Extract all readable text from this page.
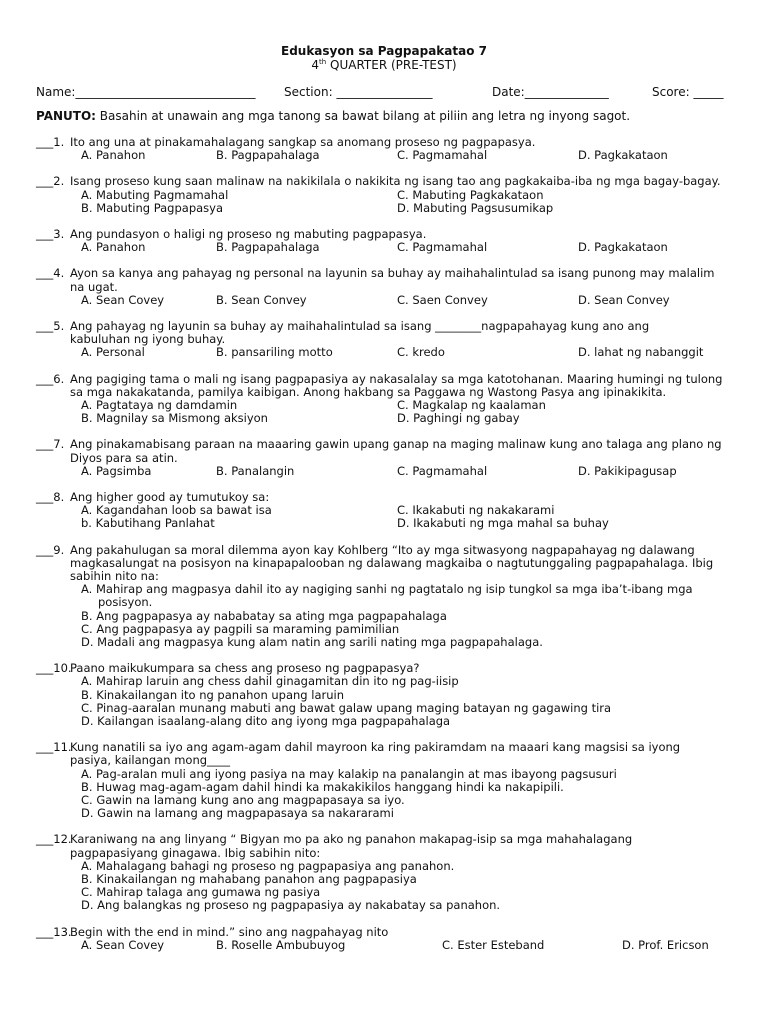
Edukasyon sa Pagpapakatao 7
4th QUARTER (PRE-TEST)

Name:______________________________

Section: ________________

	Date:______________

	Score: _____

PANUTO: Basahin at unawain ang mga tanong sa bawat bilang at piliin ang letra ng inyong sagot.
___1. Ito ang una at pinakamahalagang sangkap sa anomang proseso ng pagpapasya.
A. Panahon	B. Pagpapahalaga	C. Pagmamahal	D. Pagkakataon
___2. Isang proseso kung saan malinaw na nakikilala o nakikita ng isang tao ang pagkakaiba-iba ng mga bagay-bagay.
A. Mabuting Pagmamahal	C. Mabuting Pagkakataon
B. Mabuting Pagpapasya	D. Mabuting Pagsusumikap
___3. Ang pundasyon o haligi ng proseso ng mabuting pagpapasya.
A. Panahon	B. Pagpapahalaga	C. Pagmamahal	D. Pagkakataon
___4. Ayon sa kanya ang pahayag ng personal na layunin sa buhay ay maihahalintulad sa isang punong may malalim
na ugat.
A. Sean Covey	B. Sean Convey	C. Saen Convey	D. Sean Convey
___5. Ang pahayag ng layunin sa buhay ay maihahalintulad sa isang ________nagpapahayag kung ano ang
kabuluhan ng iyong buhay.
A. Personal	B. pansariling motto	C. kredo	D. lahat ng nabanggit
___6. Ang pagiging tama o mali ng isang pagpapasiya ay nakasalalay sa mga katotohanan. Maaring humingi ng tulong
sa mga nakakatanda, pamilya kaibigan. Anong hakbang sa Paggawa ng Wastong Pasya ang ipinakikita.
A. Pagtataya ng damdamin	C. Magkalap ng kaalaman
B. Magnilay sa Mismong aksiyon	D. Paghingi ng gabay
___7. Ang pinakamabisang paraan na maaaring gawin upang ganap na maging malinaw kung ano talaga ang plano ng
Diyos para sa atin.
A. Pagsimba	B. Panalangin	C. Pagmamahal	D. Pakikipagusap
___8. Ang higher good ay tumutukoy sa:
A. Kagandahan loob sa bawat isa	C. Ikakabuti ng nakakarami
b. Kabutihang Panlahat	D. Ikakabuti ng mga mahal sa buhay
___9. Ang pakahulugan sa moral dilemma ayon kay Kohlberg “Ito ay mga sitwasyong nagpapahayag ng dalawang
magkasalungat na posisyon na kinapapalooban ng dalawang magkaiba o nagtutunggaling pagpapahalaga. Ibig
sabihin nito na:
A. Mahirap ang magpasya dahil ito ay nagiging sanhi ng pagtatalo ng isip tungkol sa mga iba’t-ibang mga
posisyon.
B. Ang pagpapasya ay nababatay sa ating mga pagpapahalaga
C. Ang pagpapasya ay pagpili sa maraming pamimilian
D. Madali ang magpasya kung alam natin ang sarili nating mga pagpapahalaga.
___10.
Paano maikukumpara sa chess ang proseso ng pagpapasya?
A. Mahirap laruin ang chess dahil ginagamitan din ito ng pag-iisip
B. Kinakailangan ito ng panahon upang laruin
C. Pinag-aaralan munang mabuti ang bawat galaw upang maging batayan ng gagawing tira
D. Kailangan isaalang-alang dito ang iyong mga pagpapahalaga
___11.
Kung nanatili sa iyo ang agam-agam dahil mayroon ka ring pakiramdam na maaari kang magsisi sa iyong
pasiya, kailangan mong____
A. Pag-aralan muli ang iyong pasiya na may kalakip na panalangin at mas ibayong pagsusuri
B. Huwag mag-agam-agam dahil hindi ka makakikilos hanggang hindi ka nakapipili.
C. Gawin na lamang kung ano ang magpapasaya sa iyo.
D. Gawin na lamang ang magpapasaya sa nakararami
___12.
Karaniwang na ang linyang “ Bigyan mo pa ako ng panahon makapag-isip sa mga mahahalagang
pagpapasiyang ginagawa. Ibig sabihin nito:
A. Mahalagang bahagi ng proseso ng pagpapasiya ang panahon.
B. Kinakailangan ng mahabang panahon ang pagpapasiya
C. Mahirap talaga ang gumawa ng pasiya
D. Ang balangkas ng proseso ng pagpapasiya ay nakabatay sa panahon.
___13.
Begin with the end in mind.” sino ang nagpahayag nito
A. Sean Covey	B. Roselle Ambubuyog	C. Ester Esteband	D. Prof. Ericson
